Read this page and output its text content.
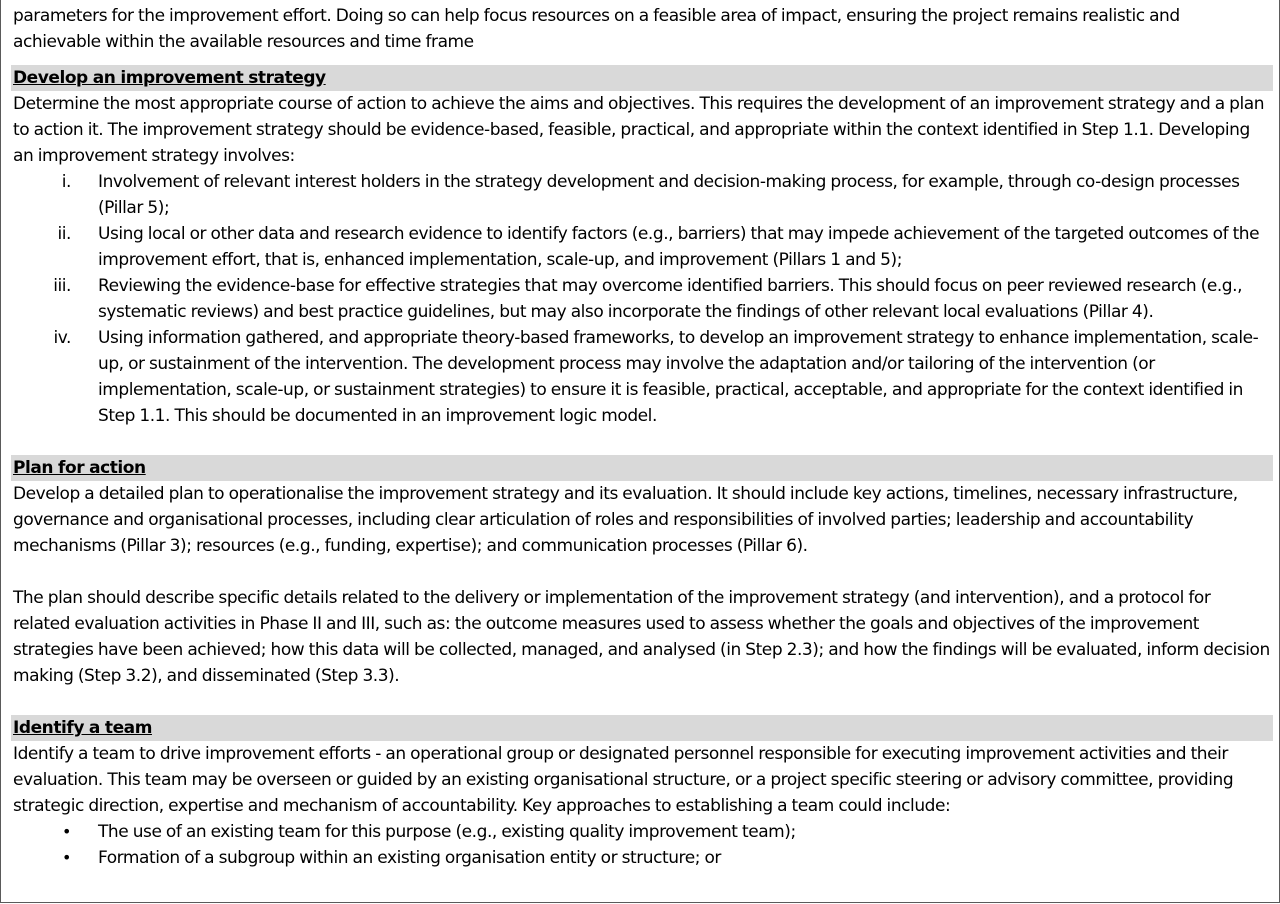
parameters for the improvement effort. Doing so can help focus resources on a feasible area of impact, ensuring the project remains realistic and achievable within the available resources and time frame

Develop an improvement strategy

Determine the most appropriate course of action to achieve the aims and objectives. This requires the development of an improvement strategy and a plan to action it. The improvement strategy should be evidence-based, feasible, practical, and appropriate within the context identified in Step 1.1. Developing an improvement strategy involves:

i. Involvement of relevant interest holders in the strategy development and decision-making process, for example, through co-design processes (Pillar 5);
ii. Using local or other data and research evidence to identify factors (e.g., barriers) that may impede achievement of the targeted outcomes of the improvement effort, that is, enhanced implementation, scale-up, and improvement (Pillars 1 and 5);
iii. Reviewing the evidence-base for effective strategies that may overcome identified barriers. This should focus on peer reviewed research (e.g., systematic reviews) and best practice guidelines, but may also incorporate the findings of other relevant local evaluations (Pillar 4).
iv. Using information gathered, and appropriate theory-based frameworks, to develop an improvement strategy to enhance implementation, scale-up, or sustainment of the intervention. The development process may involve the adaptation and/or tailoring of the intervention (or implementation, scale-up, or sustainment strategies) to ensure it is feasible, practical, acceptable, and appropriate for the context identified in Step 1.1. This should be documented in an improvement logic model.
Plan for action

Develop a detailed plan to operationalise the improvement strategy and its evaluation. It should include key actions, timelines, necessary infrastructure, governance and organisational processes, including clear articulation of roles and responsibilities of involved parties; leadership and accountability mechanisms (Pillar 3); resources (e.g., funding, expertise); and communication processes (Pillar 6).

The plan should describe specific details related to the delivery or implementation of the improvement strategy (and intervention), and a protocol for related evaluation activities in Phase II and III, such as: the outcome measures used to assess whether the goals and objectives of the improvement strategies have been achieved; how this data will be collected, managed, and analysed (in Step 2.3); and how the findings will be evaluated, inform decision making (Step 3.2), and disseminated (Step 3.3).

Identify a team

Identify a team to drive improvement efforts - an operational group or designated personnel responsible for executing improvement activities and their evaluation. This team may be overseen or guided by an existing organisational structure, or a project specific steering or advisory committee, providing strategic direction, expertise and mechanism of accountability. Key approaches to establishing a team could include:

• The use of an existing team for this purpose (e.g., existing quality improvement team);
• Formation of a subgroup within an existing organisation entity or structure; or
